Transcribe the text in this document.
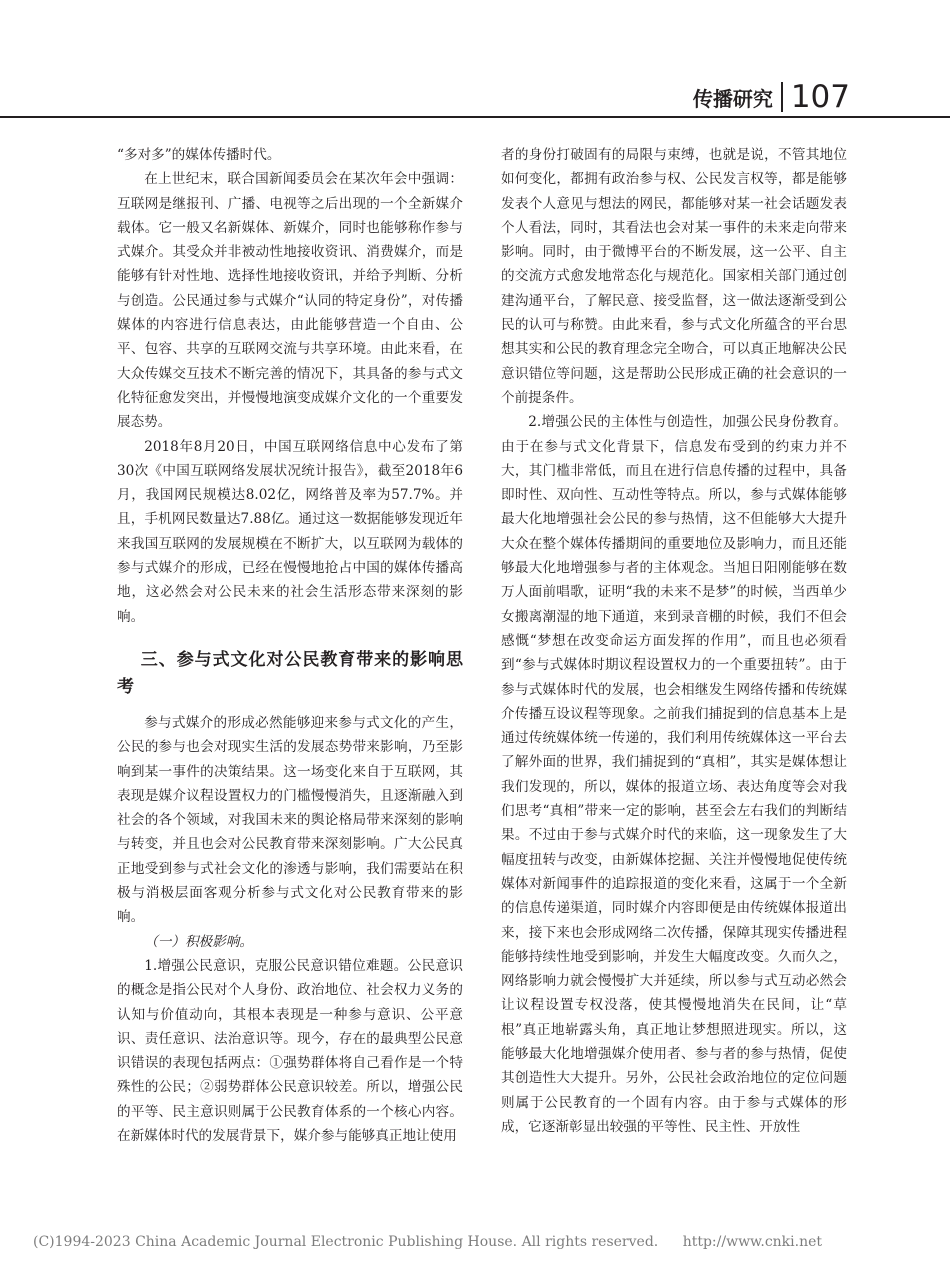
传播研究 107

“多对多”的媒体传播时代。

在上世纪末，联合国新闻委员会在某次年会中强调：互联网是继报刊、广播、电视等之后出现的一个全新媒介载体。它一般又名新媒体、新媒介，同时也能够称作参与式媒介。其受众并非被动性地接收资讯、消费媒介，而是能够有针对性地、选择性地接收资讯，并给予判断、分析与创造。公民通过参与式媒介“认同的特定身份”，对传播媒体的内容进行信息表达，由此能够营造一个自由、公平、包容、共享的互联网交流与共享环境。由此来看，在大众传媒交互技术不断完善的情况下，其具备的参与式文化特征愈发突出，并慢慢地演变成媒介文化的一个重要发展态势。

2018年8月20日，中国互联网络信息中心发布了第30次《中国互联网络发展状况统计报告》，截至2018年6月，我国网民规模达8.02亿，网络普及率为57.7%。并且，手机网民数量达7.88亿。通过这一数据能够发现近年来我国互联网的发展规模在不断扩大，以互联网为载体的参与式媒介的形成，已经在慢慢地抢占中国的媒体传播高地，这必然会对公民未来的社会生活形态带来深刻的影响。

三、参与式文化对公民教育带来的影响思考

参与式媒介的形成必然能够迎来参与式文化的产生，公民的参与也会对现实生活的发展态势带来影响，乃至影响到某一事件的决策结果。这一场变化来自于互联网，其表现是媒介议程设置权力的门槛慢慢消失，且逐渐融入到社会的各个领域，对我国未来的舆论格局带来深刻的影响与转变，并且也会对公民教育带来深刻影响。广大公民真正地受到参与式社会文化的渗透与影响，我们需要站在积极与消极层面客观分析参与式文化对公民教育带来的影响。

（一）积极影响。

1.增强公民意识，克服公民意识错位难题。公民意识的概念是指公民对个人身份、政治地位、社会权力义务的认知与价值动向，其根本表现是一种参与意识、公平意识、责任意识、法治意识等。现今，存在的最典型公民意识错误的表现包括两点：①强势群体将自己看作是一个特殊性的公民；②弱势群体公民意识较差。所以，增强公民的平等、民主意识则属于公民教育体系的一个核心内容。在新媒体时代的发展背景下，媒介参与能够真正地让使用

者的身份打破固有的局限与束缚，也就是说，不管其地位如何变化，都拥有政治参与权、公民发言权等，都是能够发表个人意见与想法的网民，都能够对某一社会话题发表个人看法，同时，其看法也会对某一事件的未来走向带来影响。同时，由于微博平台的不断发展，这一公平、自主的交流方式愈发地常态化与规范化。国家相关部门通过创建沟通平台，了解民意、接受监督，这一做法逐渐受到公民的认可与称赞。由此来看，参与式文化所蕴含的平台思想其实和公民的教育理念完全吻合，可以真正地解决公民意识错位等问题，这是帮助公民形成正确的社会意识的一个前提条件。

2.增强公民的主体性与创造性，加强公民身份教育。由于在参与式文化背景下，信息发布受到的约束力并不大，其门槛非常低，而且在进行信息传播的过程中，具备即时性、双向性、互动性等特点。所以，参与式媒体能够最大化地增强社会公民的参与热情，这不但能够大大提升大众在整个媒体传播期间的重要地位及影响力，而且还能够最大化地增强参与者的主体观念。当旭日阳刚能够在数万人面前唱歌，证明“我的未来不是梦”的时候，当西单少女搬离潮湿的地下通道，来到录音棚的时候，我们不但会感慨“梦想在改变命运方面发挥的作用”，而且也必须看到“参与式媒体时期议程设置权力的一个重要扭转”。由于参与式媒体时代的发展，也会相继发生网络传播和传统媒介传播互设议程等现象。之前我们捕捉到的信息基本上是通过传统媒体统一传递的，我们利用传统媒体这一平台去了解外面的世界，我们捕捉到的“真相”，其实是媒体想让我们发现的，所以，媒体的报道立场、表达角度等会对我们思考“真相”带来一定的影响，甚至会左右我们的判断结果。不过由于参与式媒介时代的来临，这一现象发生了大幅度扭转与改变，由新媒体挖掘、关注并慢慢地促使传统媒体对新闻事件的追踪报道的变化来看，这属于一个全新的信息传递渠道，同时媒介内容即便是由传统媒体报道出来，接下来也会形成网络二次传播，保障其现实传播进程能够持续性地受到影响，并发生大幅度改变。久而久之，网络影响力就会慢慢扩大并延续，所以参与式互动必然会让议程设置专权没落，使其慢慢地消失在民间，让“草根”真正地崭露头角，真正地让梦想照进现实。所以，这能够最大化地增强媒介使用者、参与者的参与热情，促使其创造性大大提升。另外，公民社会政治地位的定位问题则属于公民教育的一个固有内容。由于参与式媒体的形成，它逐渐彰显出较强的平等性、民主性、开放性

(C)1994-2023 China Academic Journal Electronic Publishing House. All rights reserved. http://www.cnki.net
